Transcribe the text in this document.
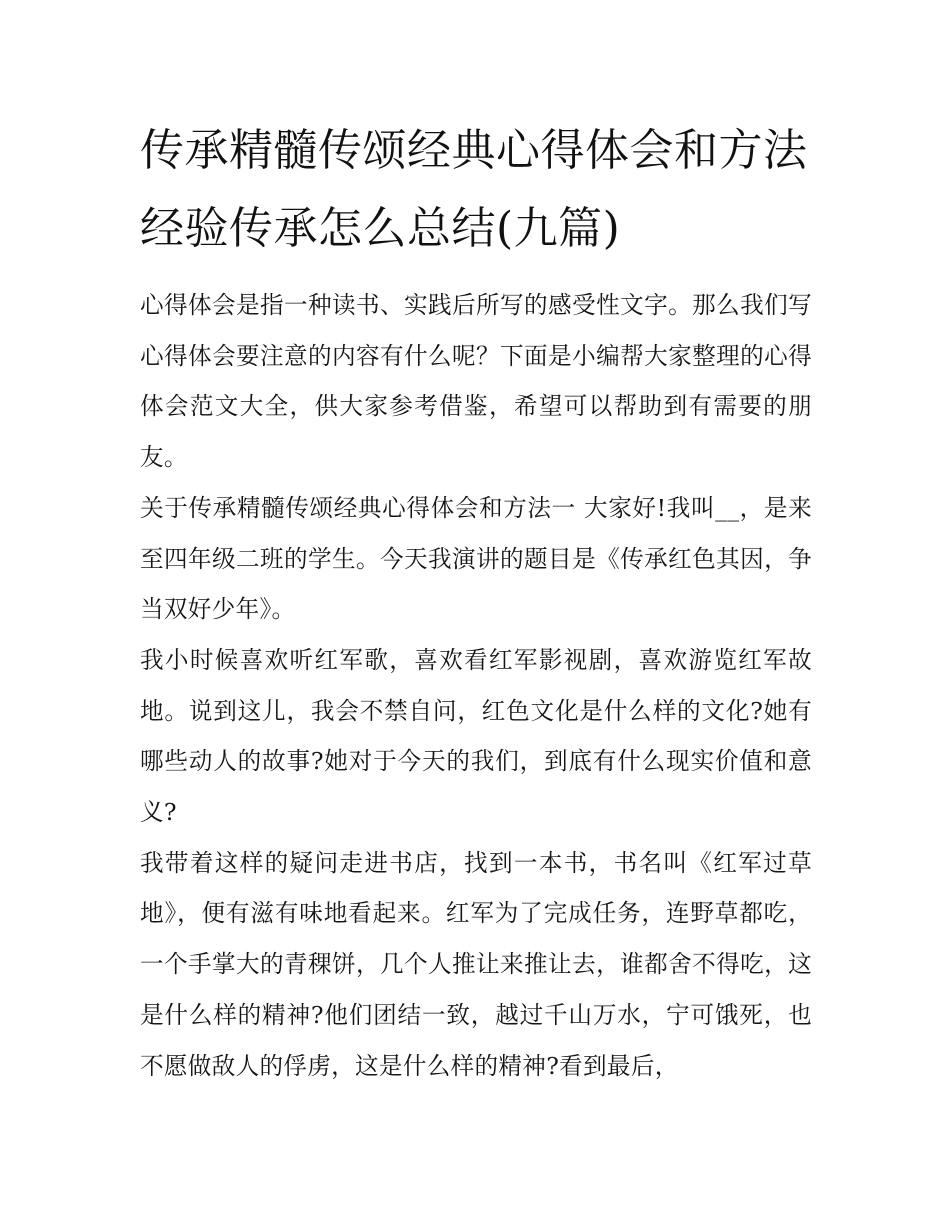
传承精髓传颂经典心得体会和方法 经验传承怎么总结(九篇)

心得体会是指一种读书、实践后所写的感受性文字。那么我们写心得体会要注意的内容有什么呢？下面是小编帮大家整理的心得体会范文大全，供大家参考借鉴，希望可以帮助到有需要的朋友。

关于传承精髓传颂经典心得体会和方法一 大家好!我叫__，是来至四年级二班的学生。今天我演讲的题目是《传承红色其因，争当双好少年》。

我小时候喜欢听红军歌，喜欢看红军影视剧，喜欢游览红军故地。说到这儿，我会不禁自问，红色文化是什么样的文化?她有哪些动人的故事?她对于今天的我们，到底有什么现实价值和意义?

我带着这样的疑问走进书店，找到一本书，书名叫《红军过草地》，便有滋有味地看起来。红军为了完成任务，连野草都吃，一个手掌大的青稞饼，几个人推让来推让去，谁都舍不得吃，这是什么样的精神?他们团结一致，越过千山万水，宁可饿死，也不愿做敌人的俘虏，这是什么样的精神?看到最后，
